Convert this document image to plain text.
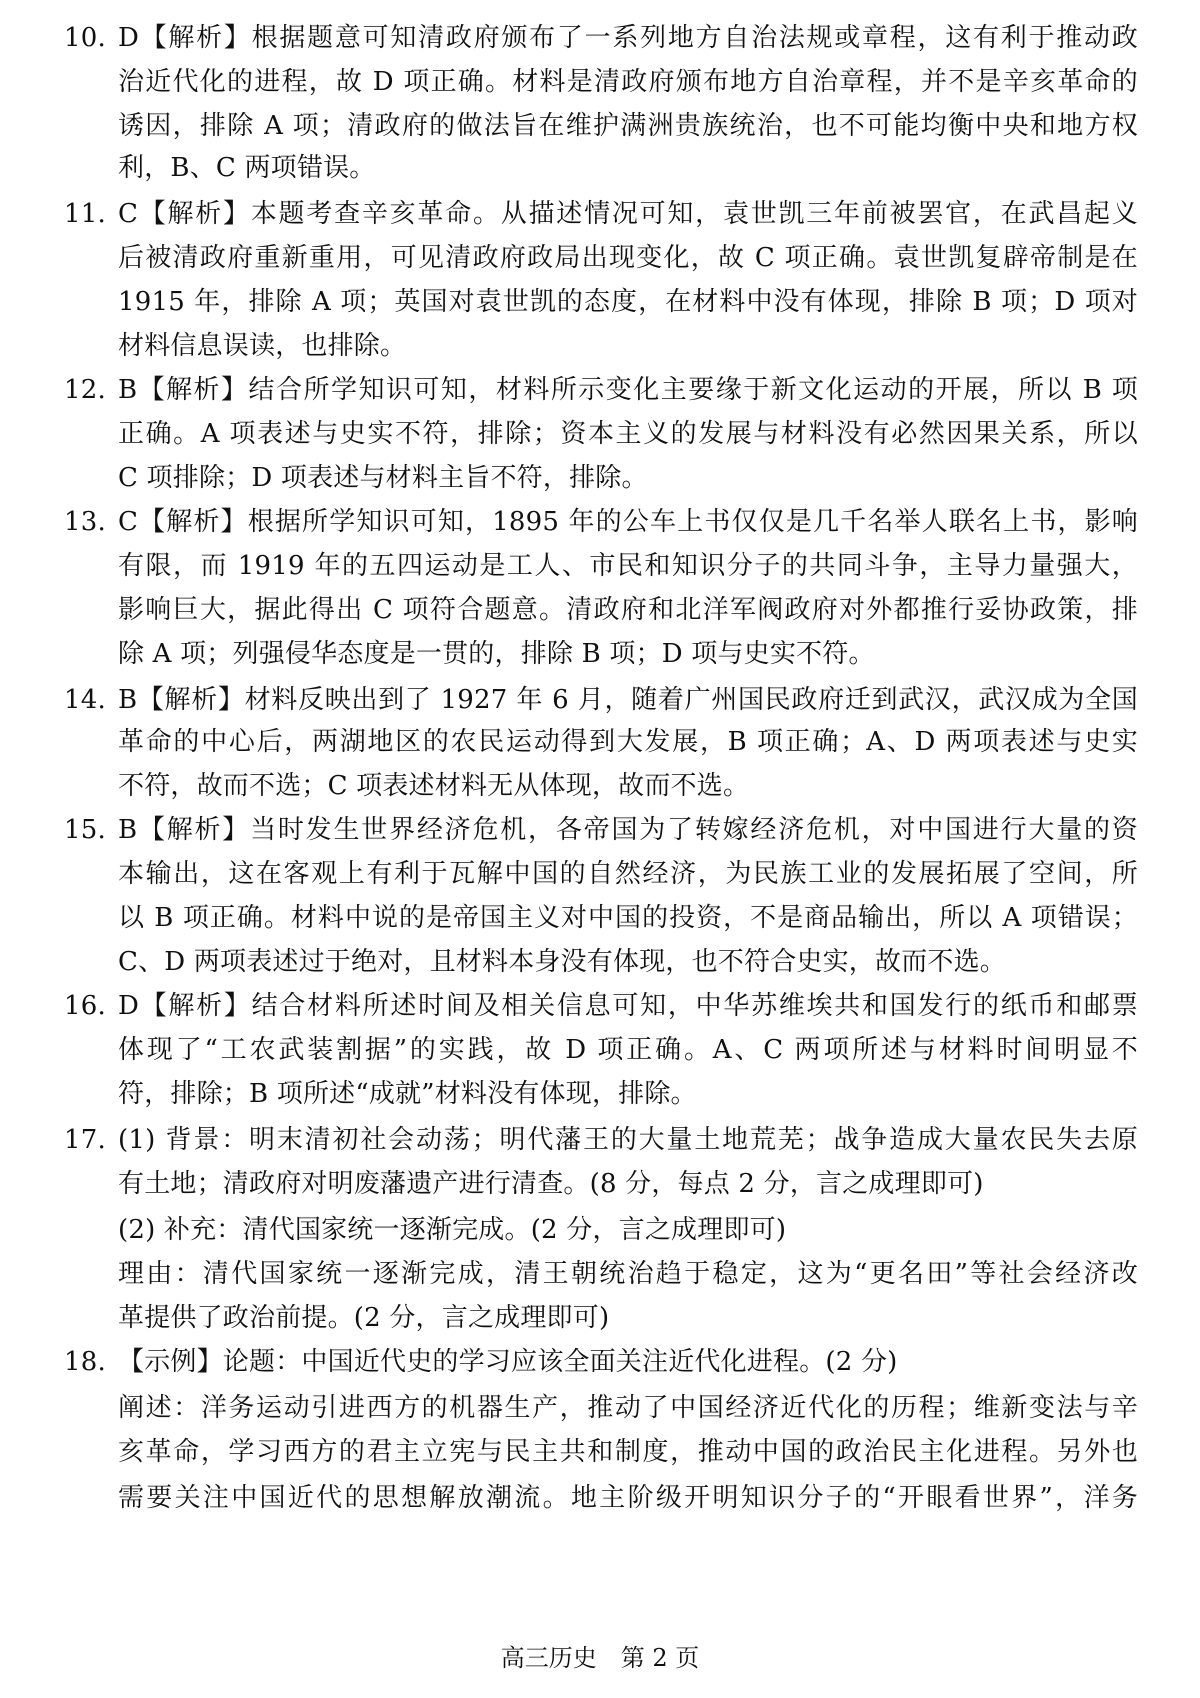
10. D【解析】根据题意可知清政府颁布了一系列地方自治法规或章程，这有利于推动政
治近代化的进程，故 D 项正确。材料是清政府颁布地方自治章程，并不是辛亥革命的
诱因，排除 A 项；清政府的做法旨在维护满洲贵族统治，也不可能均衡中央和地方权
利，B、C 两项错误。
11. C【解析】本题考查辛亥革命。从描述情况可知，袁世凯三年前被罢官，在武昌起义
后被清政府重新重用，可见清政府政局出现变化，故 C 项正确。袁世凯复辟帝制是在
1915 年，排除 A 项；英国对袁世凯的态度，在材料中没有体现，排除 B 项；D 项对
材料信息误读，也排除。
12. B【解析】结合所学知识可知，材料所示变化主要缘于新文化运动的开展，所以 B 项
正确。A 项表述与史实不符，排除；资本主义的发展与材料没有必然因果关系，所以
C 项排除；D 项表述与材料主旨不符，排除。
13. C【解析】根据所学知识可知，1895 年的公车上书仅仅是几千名举人联名上书，影响
有限，而 1919 年的五四运动是工人、市民和知识分子的共同斗争，主导力量强大，
影响巨大，据此得出 C 项符合题意。清政府和北洋军阀政府对外都推行妥协政策，排
除 A 项；列强侵华态度是一贯的，排除 B 项；D 项与史实不符。
14. B【解析】材料反映出到了 1927 年 6 月，随着广州国民政府迁到武汉，武汉成为全国
革命的中心后，两湖地区的农民运动得到大发展，B 项正确；A、D 两项表述与史实
不符，故而不选；C 项表述材料无从体现，故而不选。
15. B【解析】当时发生世界经济危机，各帝国为了转嫁经济危机，对中国进行大量的资
本输出，这在客观上有利于瓦解中国的自然经济，为民族工业的发展拓展了空间，所
以 B 项正确。材料中说的是帝国主义对中国的投资，不是商品输出，所以 A 项错误；
C、D 两项表述过于绝对，且材料本身没有体现，也不符合史实，故而不选。
16. D【解析】结合材料所述时间及相关信息可知，中华苏维埃共和国发行的纸币和邮票
体现了“工农武装割据”的实践，故 D 项正确。A、C 两项所述与材料时间明显不
符，排除；B 项所述“成就”材料没有体现，排除。
17. (1) 背景：明末清初社会动荡；明代藩王的大量土地荒芜；战争造成大量农民失去原
有土地；清政府对明废藩遗产进行清查。(8 分，每点 2 分，言之成理即可)
(2) 补充：清代国家统一逐渐完成。(2 分，言之成理即可)
理由：清代国家统一逐渐完成，清王朝统治趋于稳定，这为“更名田”等社会经济改
革提供了政治前提。(2 分，言之成理即可)
18. 【示例】论题：中国近代史的学习应该全面关注近代化进程。(2 分)
阐述：洋务运动引进西方的机器生产，推动了中国经济近代化的历程；维新变法与辛
亥革命，学习西方的君主立宪与民主共和制度，推动中国的政治民主化进程。另外也
需要关注中国近代的思想解放潮流。地主阶级开明知识分子的“开眼看世界”，洋务
高三历史　第 2 页
